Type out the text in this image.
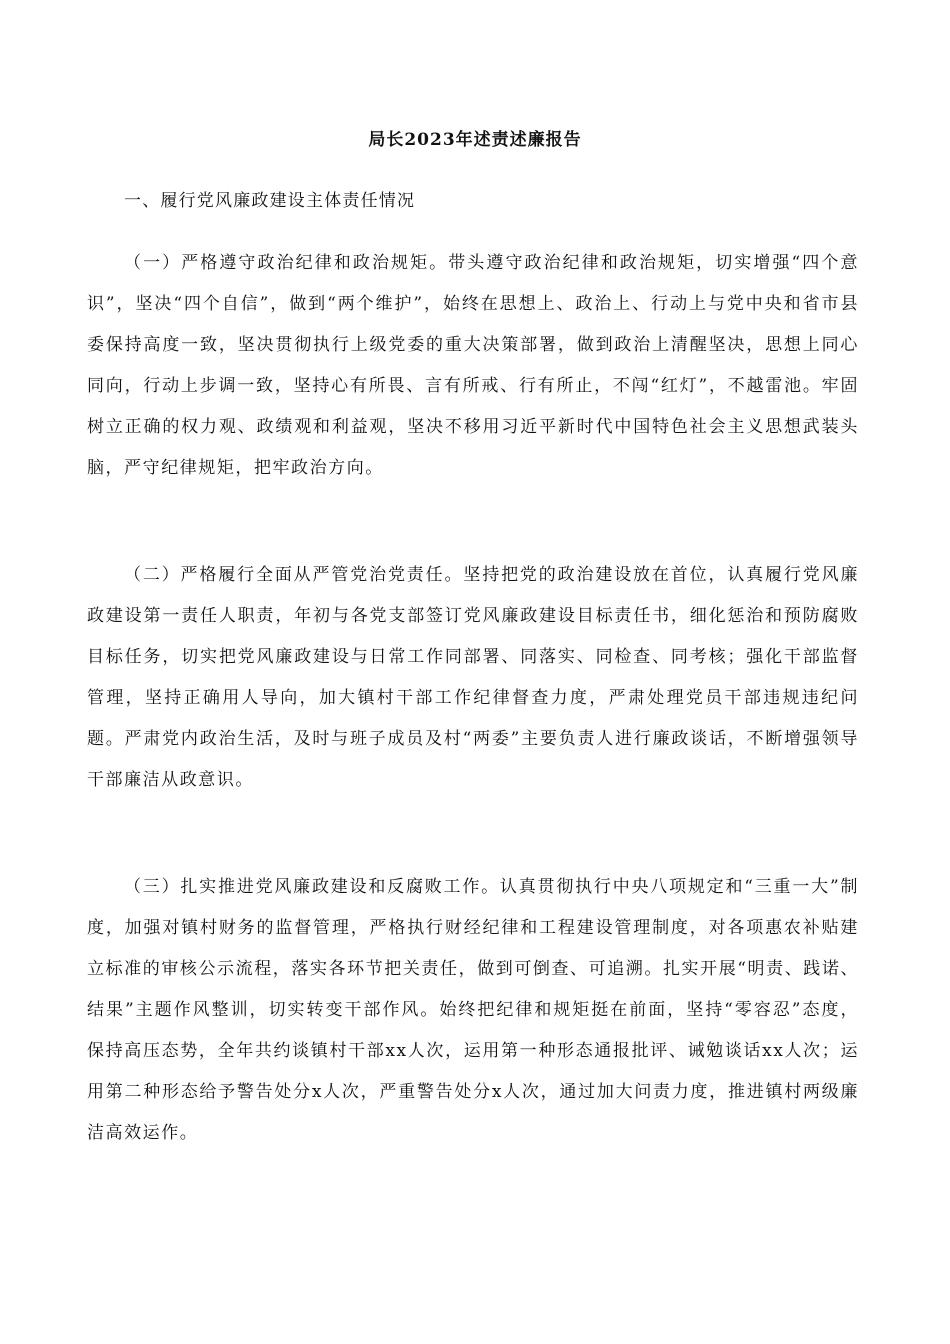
局长2023年述责述廉报告
一、履行党风廉政建设主体责任情况

（一）严格遵守政治纪律和政治规矩。带头遵守政治纪律和政治规矩，切实增强“四个意识”，坚决“四个自信”，做到“两个维护”，始终在思想上、政治上、行动上与党中央和省市县委保持高度一致，坚决贯彻执行上级党委的重大决策部署，做到政治上清醒坚决，思想上同心同向，行动上步调一致，坚持心有所畏、言有所戒、行有所止，不闯“红灯”，不越雷池。牢固树立正确的权力观、政绩观和利益观，坚决不移用习近平新时代中国特色社会主义思想武装头脑，严守纪律规矩，把牢政治方向。

（二）严格履行全面从严管党治党责任。坚持把党的政治建设放在首位，认真履行党风廉政建设第一责任人职责，年初与各党支部签订党风廉政建设目标责任书，细化惩治和预防腐败目标任务，切实把党风廉政建设与日常工作同部署、同落实、同检查、同考核；强化干部监督管理，坚持正确用人导向，加大镇村干部工作纪律督查力度，严肃处理党员干部违规违纪问题。严肃党内政治生活，及时与班子成员及村“两委”主要负责人进行廉政谈话，不断增强领导干部廉洁从政意识。

（三）扎实推进党风廉政建设和反腐败工作。认真贯彻执行中央八项规定和“三重一大”制度，加强对镇村财务的监督管理，严格执行财经纪律和工程建设管理制度，对各项惠农补贴建立标准的审核公示流程，落实各环节把关责任，做到可倒查、可追溯。扎实开展“明责、践诺、结果”主题作风整训，切实转变干部作风。始终把纪律和规矩挺在前面，坚持“零容忍”态度，保持高压态势，全年共约谈镇村干部xx人次，运用第一种形态通报批评、诫勉谈话xx人次；运用第二种形态给予警告处分x人次，严重警告处分x人次，通过加大问责力度，推进镇村两级廉洁高效运作。
